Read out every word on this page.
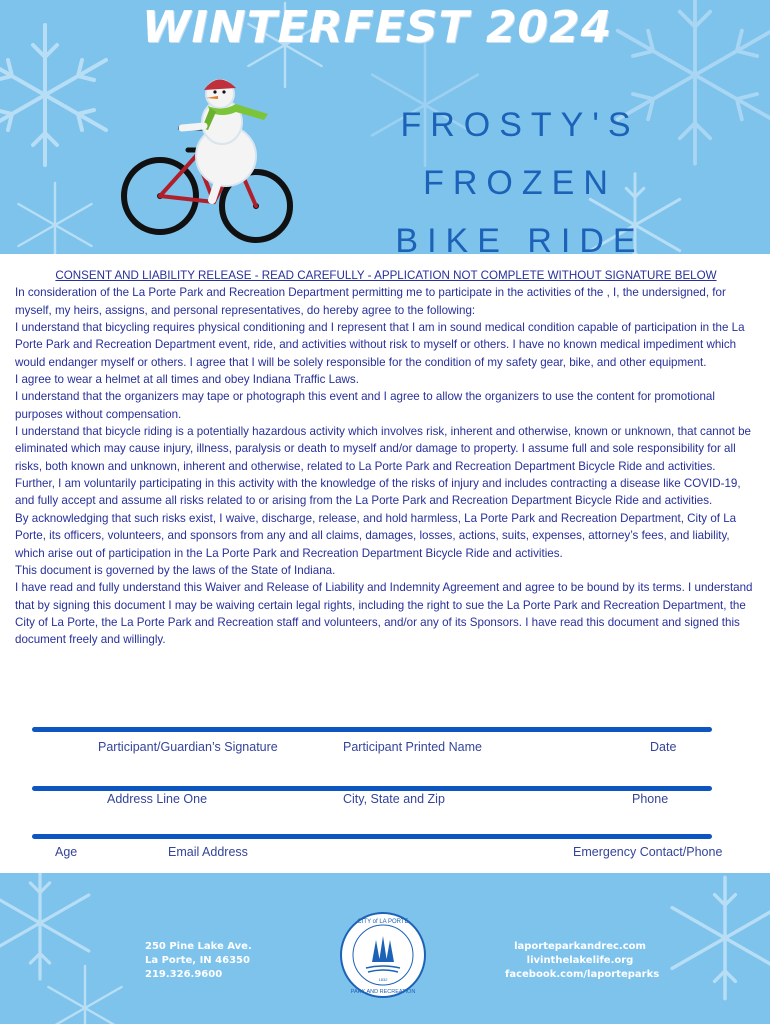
WINTERFEST 2024
FROSTY'S FROZEN
BIKE RIDE
CONSENT AND LIABILITY RELEASE - READ CAREFULLY - APPLICATION NOT COMPLETE WITHOUT SIGNATURE BELOW

In consideration of the La Porte Park and Recreation Department permitting me to participate in the activities of the , I, the undersigned, for myself, my heirs, assigns, and personal representatives, do hereby agree to the following:

I understand that bicycling requires physical conditioning and I represent that I am in sound medical condition capable of participation in the La Porte Park and Recreation Department event, ride, and activities without risk to myself or others. I have no known medical impediment which would endanger myself or others. I agree that I will be solely responsible for the condition of my safety gear, bike, and other equipment.

I agree to wear a helmet at all times and obey Indiana Traffic Laws.

I understand that the organizers may tape or photograph this event and I agree to allow the organizers to use the content for promotional purposes without compensation.

I understand that bicycle riding is a potentially hazardous activity which involves risk, inherent and otherwise, known or unknown, that cannot be eliminated which may cause injury, illness, paralysis or death to myself and/or damage to property. I assume full and sole responsibility for all risks, both known and unknown, inherent and otherwise, related to La Porte Park and Recreation Department Bicycle Ride and activities. Further, I am voluntarily participating in this activity with the knowledge of the risks of injury and includes contracting a disease like COVID-19, and fully accept and assume all risks related to or arising from the La Porte Park and Recreation Department Bicycle Ride and activities.

By acknowledging that such risks exist, I waive, discharge, release, and hold harmless, La Porte Park and Recreation Department, City of La Porte, its officers, volunteers, and sponsors from any and all claims, damages, losses, actions, suits, expenses, attorney’s fees, and liability, which arise out of participation in the La Porte Park and Recreation Department Bicycle Ride and activities.

This document is governed by the laws of the State of Indiana.

I have read and fully understand this Waiver and Release of Liability and Indemnity Agreement and agree to be bound by its terms. I understand that by signing this document I may be waiving certain legal rights, including the right to sue the La Porte Park and Recreation Department, the City of La Porte, the La Porte Park and Recreation staff and volunteers, and/or any of its Sponsors. I have read this document and signed this document freely and willingly.

Participant/Guardian’s Signature	Participant Printed Name	Date
Address Line One	City, State and Zip	Phone
Age	Email Address	Emergency Contact/Phone
250 Pine Lake Ave.
La Porte, IN 46350
219.326.9600
CITY of LA PORTE
PARK AND RECREATION
1832
laporteparkandrec.com
livinthelakelife.org
facebook.com/laporteparks
